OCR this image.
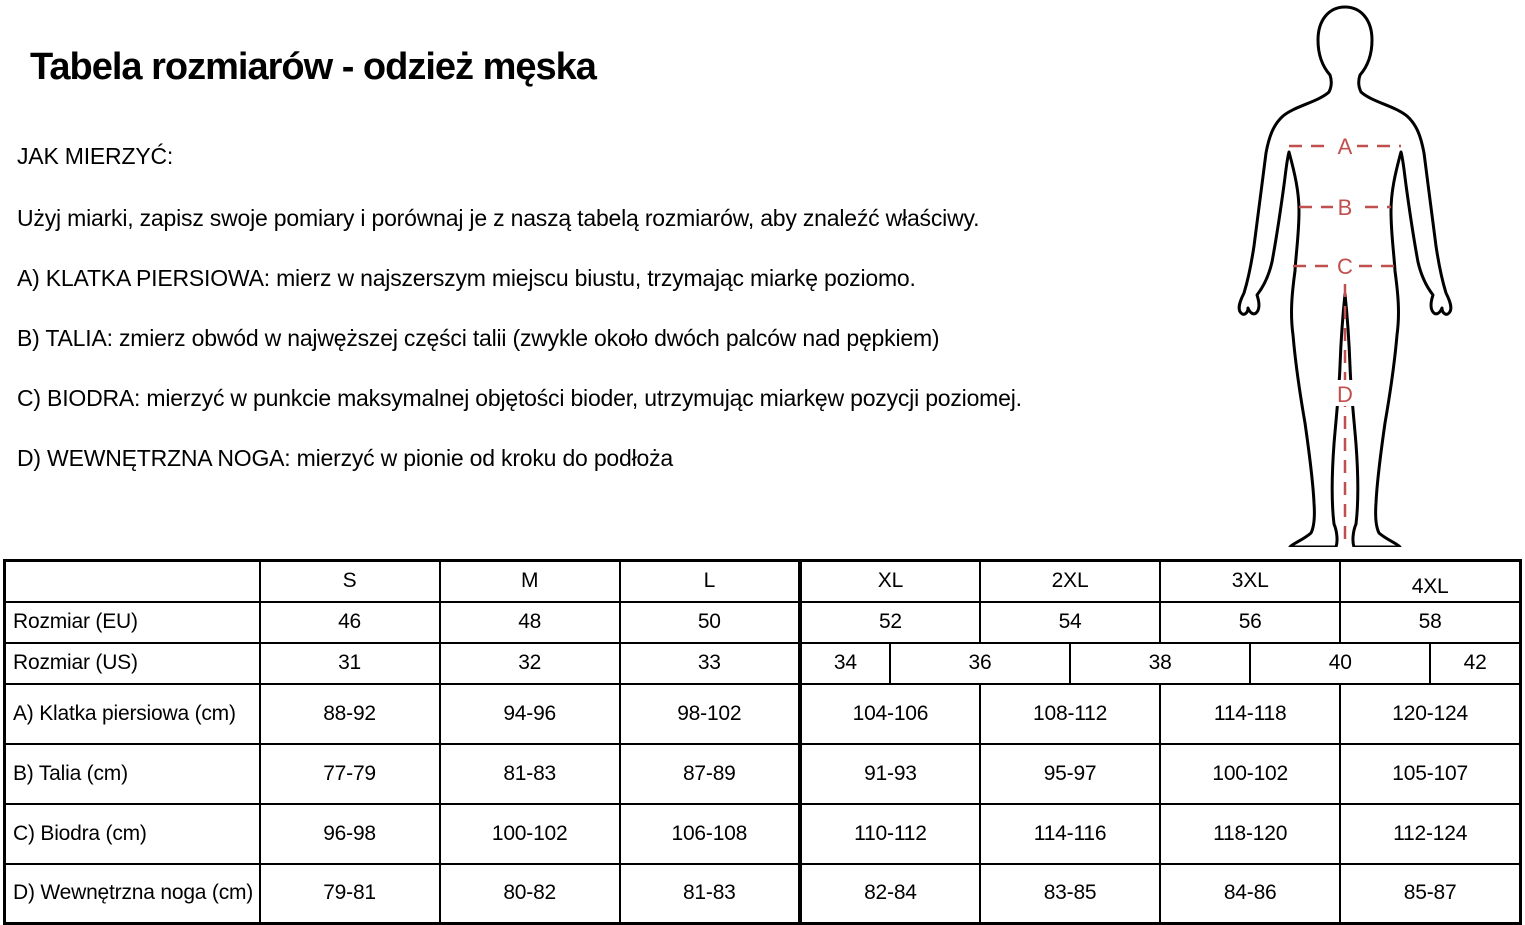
Tabela rozmiarów - odzież męska
JAK MIERZYĆ:
Użyj miarki, zapisz swoje pomiary i porównaj je z naszą tabelą rozmiarów, aby znaleźć właściwy.
A) KLATKA PIERSIOWA: mierz w najszerszym miejscu biustu, trzymając miarkę poziomo.
B) TALIA: zmierz obwód w najwęższej części talii (zwykle około dwóch palców nad pępkiem)
C) BIODRA: mierzyć w punkcie maksymalnej objętości bioder, utrzymując miarkęw pozycji poziomej.
D) WEWNĘTRZNA NOGA: mierzyć w pionie od kroku do podłoża
A
B
C
D
	S	M	L	XL		2XL		3XL		4XL	
Rozmiar (EU)	46	48	50	52		54		56		58	
Rozmiar (US)	31	32	33	34	36		38		40		42
A) Klatka piersiowa (cm)	88-92	94-96	98-102	104-106		108-112		114-118		120-124	
B) Talia (cm)	77-79	81-83	87-89	91-93		95-97		100-102		105-107	
C) Biodra (cm)	96-98	100-102	106-108	110-112		114-116		118-120		112-124	
D) Wewnętrzna noga (cm)	79-81	80-82	81-83	82-84		83-85		84-86		85-87	
